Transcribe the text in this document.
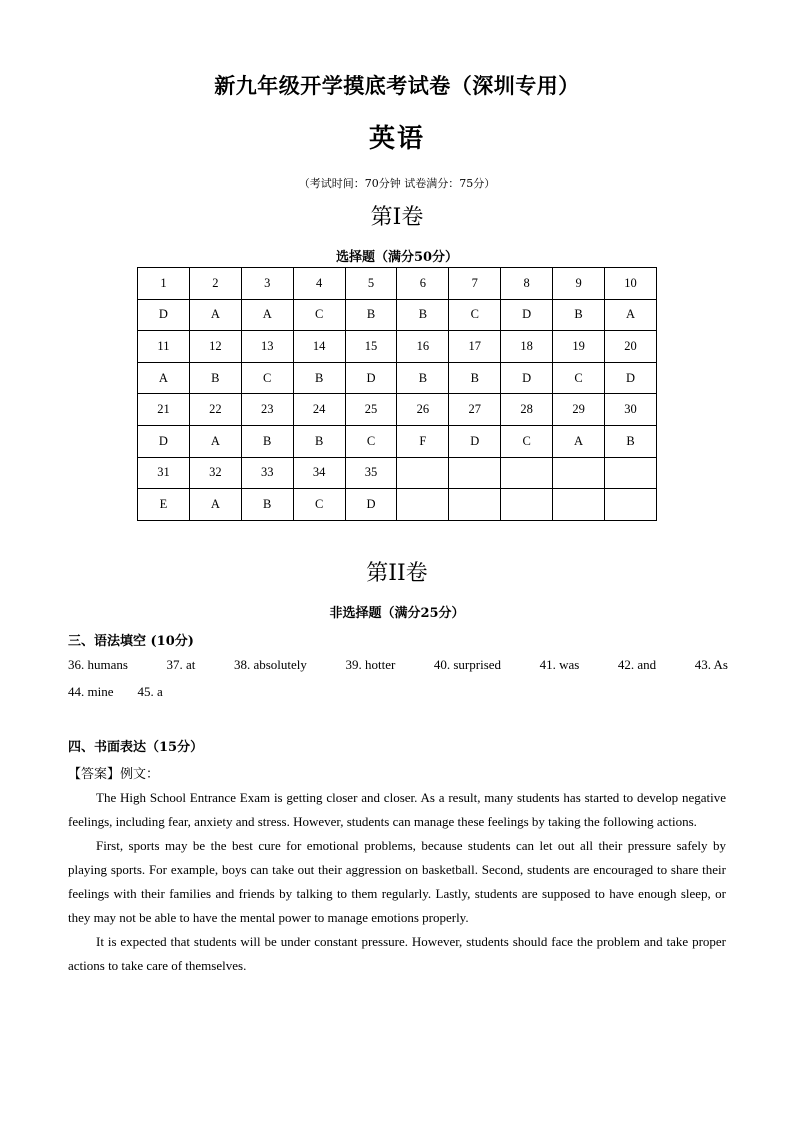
新九年级开学摸底考试卷（深圳专用）
英语
（考试时间：70分钟 试卷满分：75分）
第I卷
选择题（满分50分）
1	2	3	4	5	6	7	8	9	10
D	A	A	C	B	B	C	D	B	A
11	12	13	14	15	16	17	18	19	20
A	B	C	B	D	B	B	D	C	D
21	22	23	24	25	26	27	28	29	30
D	A	B	B	C	F	D	C	A	B
31	32	33	34	35					
E	A	B	C	D					
第II卷
非选择题（满分25分）
三、语法填空 (10分)
36. humans	37. at	38. absolutely	39. hotter	40. surprised	41. was	42. and	43. As
44. mine 45. a
四、书面表达（15分）
【答案】例文：

The High School Entrance Exam is getting closer and closer. As a result, many students has started to develop negative feelings, including fear, anxiety and stress. However, students can manage these feelings by taking the following actions.

First, sports may be the best cure for emotional problems, because students can let out all their pressure safely by playing sports. For example, boys can take out their aggression on basketball. Second, students are encouraged to share their feelings with their families and friends by talking to them regularly. Lastly, students are supposed to have enough sleep, or they may not be able to have the mental power to manage emotions properly.

It is expected that students will be under constant pressure. However, students should face the problem and take proper actions to take care of themselves.
